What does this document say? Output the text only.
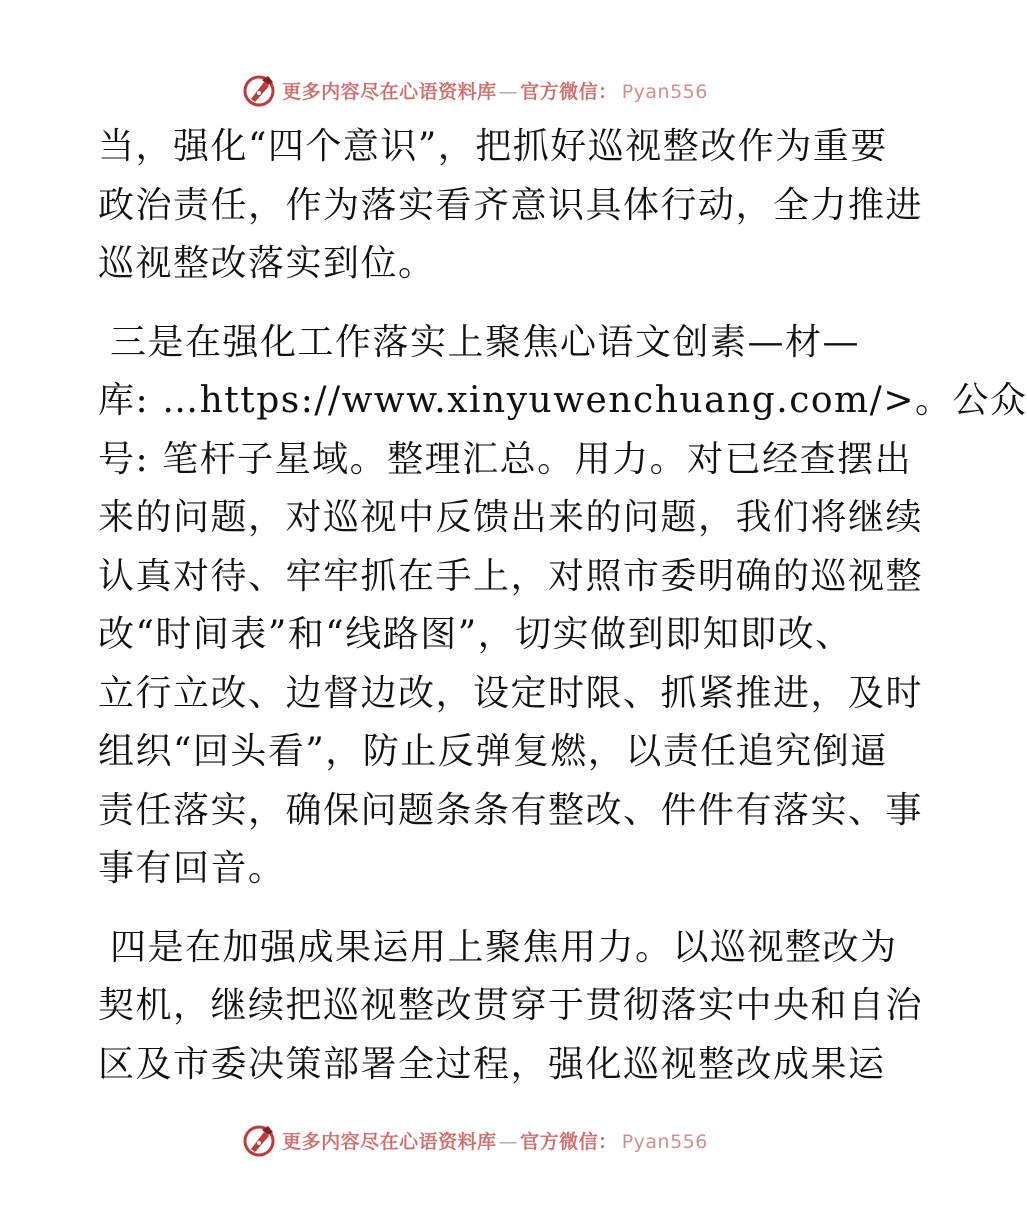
更多内容尽在心语资料库 — 官方微信： Pyan556
当，强化“四个意识”，把抓好巡视整改作为重要
政治责任，作为落实看齐意识具体行动，全力推进
巡视整改落实到位。
三是在强化工作落实上聚焦心语文创素—材—
库: …https://www.xinyuwenchuang.com/>。公众
号: 笔杆子星域。整理汇总。用力。对已经查摆出
来的问题，对巡视中反馈出来的问题，我们将继续
认真对待、牢牢抓在手上，对照市委明确的巡视整
改“时间表”和“线路图”，切实做到即知即改、
立行立改、边督边改，设定时限、抓紧推进，及时
组织“回头看”，防止反弹复燃，以责任追究倒逼
责任落实，确保问题条条有整改、件件有落实、事
事有回音。
四是在加强成果运用上聚焦用力。以巡视整改为
契机，继续把巡视整改贯穿于贯彻落实中央和自治
区及市委决策部署全过程，强化巡视整改成果运
更多内容尽在心语资料库 — 官方微信： Pyan556
